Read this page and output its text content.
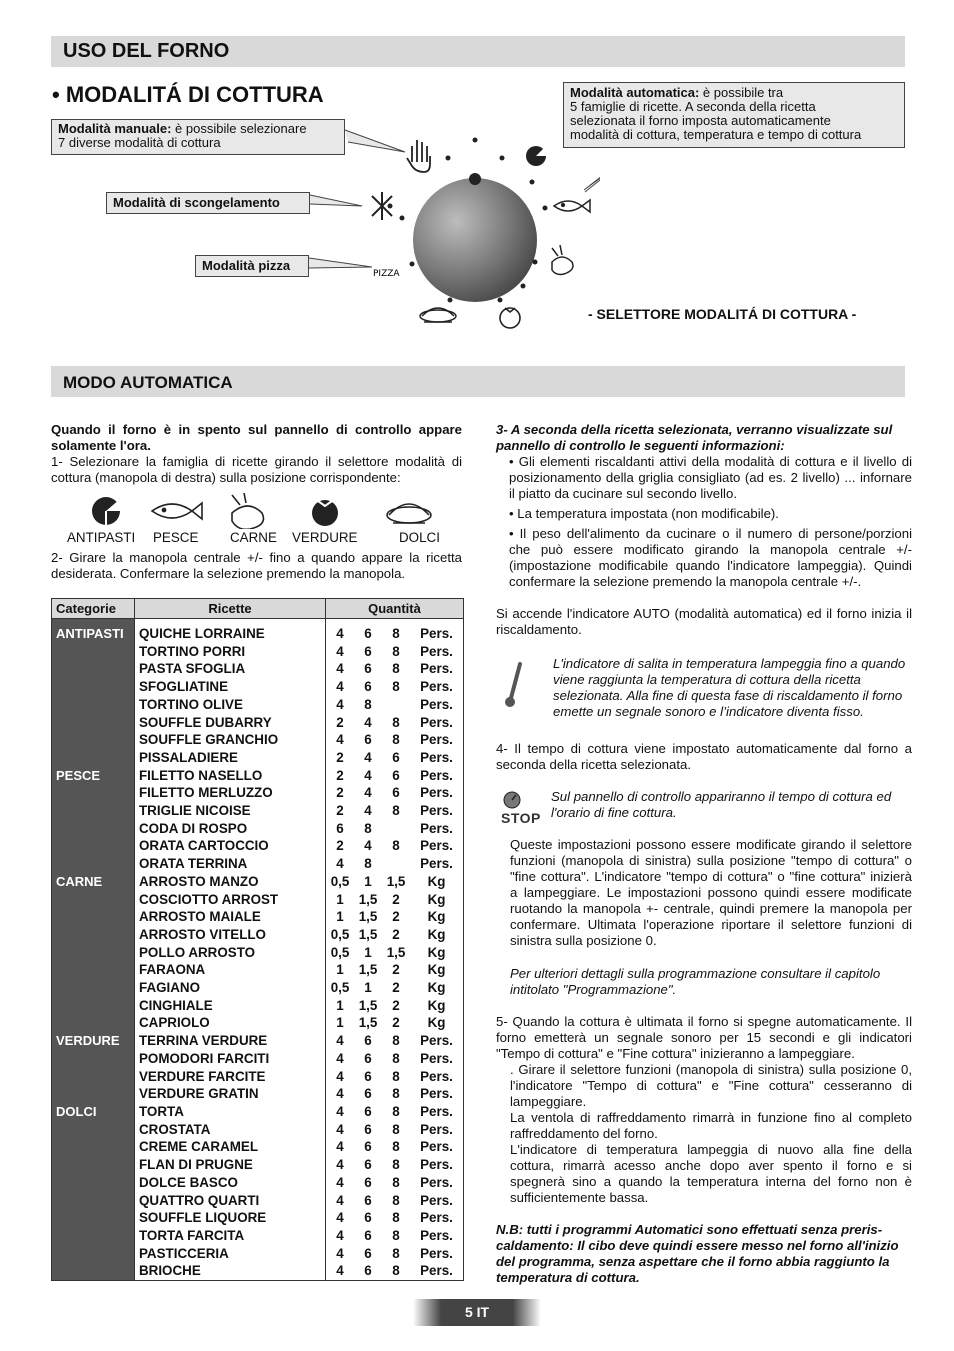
USO DEL FORNO
• MODALITÁ DI COTTURA
Modalità manuale: è possibile selezionare
7 diverse modalità di cottura
Modalità di scongelamento
Modalità pizza
Modalità automatica: è possibile tra
5 famiglie di ricette. A seconda della ricetta
selezionata il forno imposta automaticamente
modalità di cottura, temperatura e tempo di cottura
PIZZA
- SELETTORE MODALITÁ DI COTTURA -
MODO AUTOMATICA

Quando il forno è in spento sul pannello di controllo appare solamente l'ora.

1- Selezionare la famiglia di ricette girando il selettore modalità di cottura (manopola di destra) sulla posizione corrispondente:

ANTIPASTI PESCE CARNE VERDURE	DOLCI
2- Girare la manopola centrale +/- fino a quando appare la ricetta desiderata. Confermare la selezione premendo la manopola.
Categorie	Ricette	Quantità			
ANTIPASTI	QUICHE LORRAINE	4	6	8	Pers.
	TORTINO PORRI	4	6	8	Pers.
	PASTA SFOGLIA	4	6	8	Pers.
	SFOGLIATINE	4	6	8	Pers.
	TORTINO OLIVE	4	8		Pers.
	SOUFFLE DUBARRY	2	4	8	Pers.
	SOUFFLE GRANCHIO	4	6	8	Pers.
	PISSALADIERE	2	4	6	Pers.
PESCE	FILETTO NASELLO	2	4	6	Pers.
	FILETTO MERLUZZO	2	4	6	Pers.
	TRIGLIE NICOISE	2	4	8	Pers.
	CODA DI ROSPO	6	8		Pers.
	ORATA CARTOCCIO	2	4	8	Pers.
	ORATA TERRINA	4	8		Pers.
CARNE	ARROSTO MANZO	0,5	1	1,5	Kg
	COSCIOTTO ARROST	1	1,5	2	Kg
	ARROSTO MAIALE	1	1,5	2	Kg
	ARROSTO VITELLO	0,5	1,5	2	Kg
	POLLO ARROSTO	0,5	1	1,5	Kg
	FARAONA	1	1,5	2	Kg
	FAGIANO	0,5	1	2	Kg
	CINGHIALE	1	1,5	2	Kg
	CAPRIOLO	1	1,5	2	Kg
VERDURE	TERRINA VERDURE	4	6	8	Pers.
	POMODORI FARCITI	4	6	8	Pers.
	VERDURE FARCITE	4	6	8	Pers.
	VERDURE GRATIN	4	6	8	Pers.
DOLCI	TORTA	4	6	8	Pers.
	CROSTATA	4	6	8	Pers.
	CREME CARAMEL	4	6	8	Pers.
	FLAN DI PRUGNE	4	6	8	Pers.
	DOLCE BASCO	4	6	8	Pers.
	QUATTRO QUARTI	4	6	8	Pers.
	SOUFFLE LIQUORE	4	6	8	Pers.
	TORTA FARCITA	4	6	8	Pers.
	PASTICCERIA	4	6	8	Pers.
	BRIOCHE	4	6	8	Pers.

3- A seconda della ricetta selezionata, verranno visualizzate sul pannello di controllo le seguenti informazioni:

• Gli elementi riscaldanti attivi della modalità di cottura e il livello di posizionamento della griglia consigliato (ad es. 2 livello) ... infornare il piatto da cucinare sul secondo livello.

• La temperatura impostata (non modificabile).

• Il peso dell'alimento da cucinare o il numero di persone/porzioni che può essere modificato girando la manopola centrale +/- (impostazione modificabile quando l'indicatore lampeggia). Quindi confermare la selezione premendo la manopola centrale +/-.

Si accende l'indicatore AUTO (modalità automatica) ed il forno inizia il riscaldamento.

L'indicatore di salita in temperatura lampeggia fino a quando viene raggiunta la temperatura di cottura della ricetta selezionata. Alla fine di questa fase di riscaldamento il forno emette un segnale sonoro e l’indicatore diventa fisso.
4- Il tempo di cottura viene impostato automaticamente dal forno a seconda della ricetta selezionata.
STOP
Sul pannello di controllo appariranno il tempo di cottura ed l'orario di fine cottura.
Queste impostazioni possono essere modificate girando il selettore funzioni (manopola di sinistra) sulla posizione "tempo di cottura" o "fine cottura". L'indicatore "tempo di cottura" o "fine cottura" inizierà a lampeggiare. Le impostazioni possono quindi essere modificate ruotando la manopola +- centrale, quindi premere la manopola per confermare. Ultimata l'operazione riportare il selettore funzioni di sinistra sulla posizione 0.
Per ulteriori dettagli sulla programmazione consultare il capitolo intitolato "Programmazione".

5- Quando la cottura è ultimata il forno si spegne automaticamente. Il forno emetterà un segnale sonoro per 15 secondi e gli indicatori "Tempo di cottura" e "Fine cottura" inizieranno a lampeggiare.

. Girare il selettore funzioni (manopola di sinistra) sulla posizione 0, l'indicatore "Tempo di cottura" e "Fine cottura" cesseranno di lampeggiare.

La ventola di raffreddamento rimarrà in funzione fino al completo raffreddamento del forno.

L'indicatore di temperatura lampeggia di nuovo alla fine della cottura, rimarrà acesso anche dopo aver spento il forno e si spegnerà sino a quando la temperatura interna del forno non è sufficientemente bassa.

N.B: tutti i programmi Automatici sono effettuati senza preris-caldamento: Il cibo deve quindi essere messo nel forno all'inizio del programma, senza aspettare che il forno abbia raggiunto la temperatura di cottura.
5 IT
